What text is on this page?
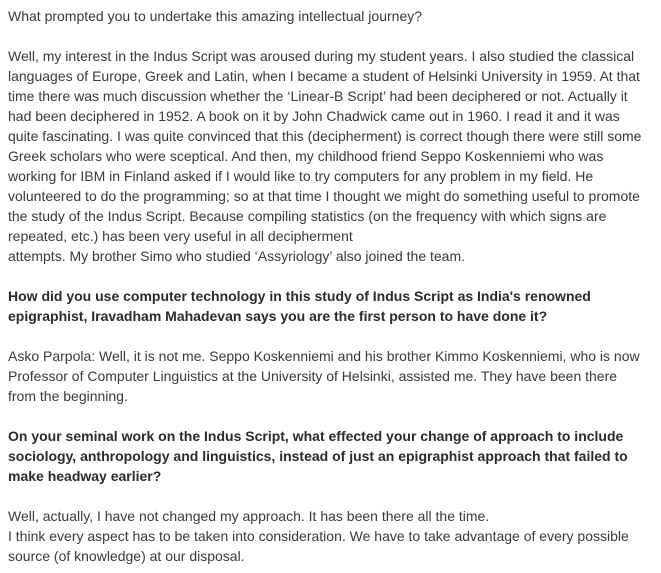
What prompted you to undertake this amazing intellectual journey?

Well, my interest in the Indus Script was aroused during my student years. I also studied the classical
languages of Europe, Greek and Latin, when I became a student of Helsinki University in 1959. At that
time there was much discussion whether the ‘Linear-B Script’ had been deciphered or not. Actually it
had been deciphered in 1952. A book on it by John Chadwick came out in 1960. I read it and it was
quite fascinating. I was quite convinced that this (decipherment) is correct though there were still some
Greek scholars who were sceptical. And then, my childhood friend Seppo Koskenniemi who was
working for IBM in Finland asked if I would like to try computers for any problem in my field. He
volunteered to do the programming; so at that time I thought we might do something useful to promote
the study of the Indus Script. Because compiling statistics (on the frequency with which signs are
repeated, etc.) has been very useful in all decipherment
attempts. My brother Simo who studied ‘Assyriology’ also joined the team.

How did you use computer technology in this study of Indus Script as India's renowned
epigraphist, Iravadham Mahadevan says you are the first person to have done it?

Asko Parpola: Well, it is not me. Seppo Koskenniemi and his brother Kimmo Koskenniemi, who is now
Professor of Computer Linguistics at the University of Helsinki, assisted me. They have been there
from the beginning.

On your seminal work on the Indus Script, what effected your change of approach to include
sociology, anthropology and linguistics, instead of just an epigraphist approach that failed to
make headway earlier?

Well, actually, I have not changed my approach. It has been there all the time.
I think every aspect has to be taken into consideration. We have to take advantage of every possible
source (of knowledge) at our disposal.
